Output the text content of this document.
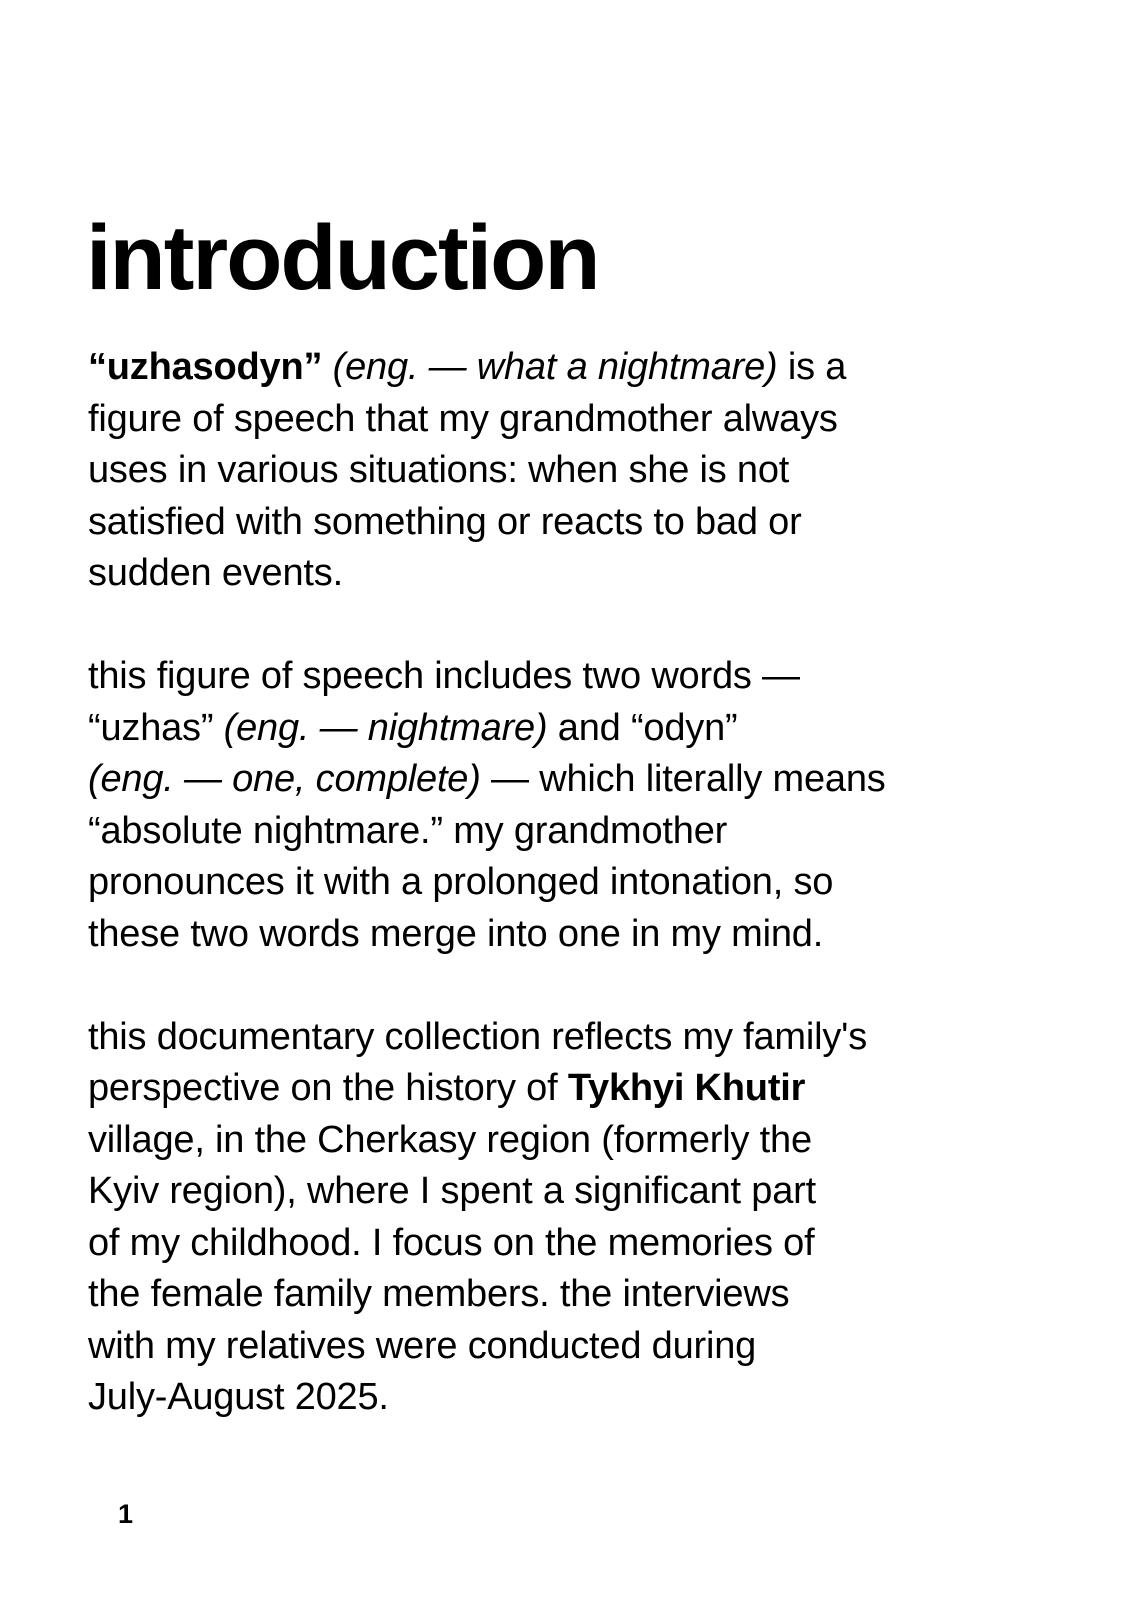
introduction

“uzhasodyn” (eng. — what a nightmare) is a
figure of speech that my grandmother always
uses in various situations: when she is not
satisfied with something or reacts to bad or
sudden events.

this figure of speech includes two words —
“uzhas” (eng. — nightmare) and “odyn”
(eng. — one, complete) — which literally means
“absolute nightmare.” my grandmother
pronounces it with a prolonged intonation, so
these two words merge into one in my mind.

this documentary collection reflects my family's
perspective on the history of Tykhyi Khutir
village, in the Cherkasy region (formerly the
Kyiv region), where I spent a significant part
of my childhood. I focus on the memories of
the female family members. the interviews
with my relatives were conducted during
July-August 2025.

1
